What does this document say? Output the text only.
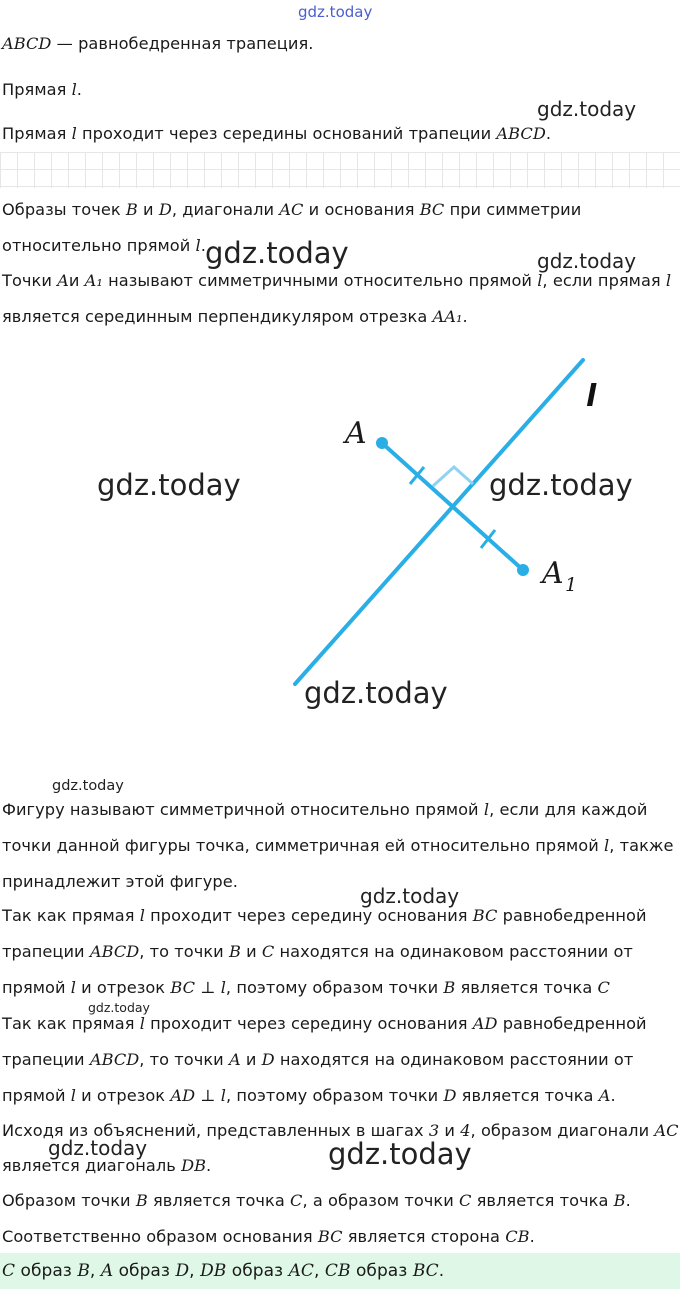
gdz.today
ABCD — равнобедренная трапеция.
Прямая l.
gdz.today
Прямая l проходит через середины оснований трапеции ABCD.
Образы точек B и D, диагонали AC и основания BC при симметрии
относительно прямой l. gdz.today	gdz.today
Точки Aи A₁ называют симметричными относительно прямой l, если прямая l
является серединным перпендикуляром отрезка AA₁.
A
A 1
l
gdz.today	gdz.today
gdz.today
gdz.today
Фигуру называют симметричной относительно прямой l, если для каждой
точки данной фигуры точка, симметричная ей относительно прямой l, также
принадлежит этой фигуре.
gdz.today
Так как прямая l проходит через середину основания BC равнобедренной
трапеции ABCD, то точки B и C находятся на одинаковом расстоянии от
прямой l и отрезок BC ⊥ l, поэтому образом точки B является точка C
gdz.today
Так как прямая l проходит через середину основания AD равнобедренной
трапеции ABCD, то точки A и D находятся на одинаковом расстоянии от
прямой l и отрезок AD ⊥ l, поэтому образом точки D является точка A.
Исходя из объяснений, представленных в шагах 3 и 4, образом диагонали AC
gdz.today	gdz.today
является диагональ DB.
Образом точки B является точка C, а образом точки C является точка B.
Соответственно образом основания BC является сторона CB.
C образ B, A образ D, DB образ AC, CB образ BC.
